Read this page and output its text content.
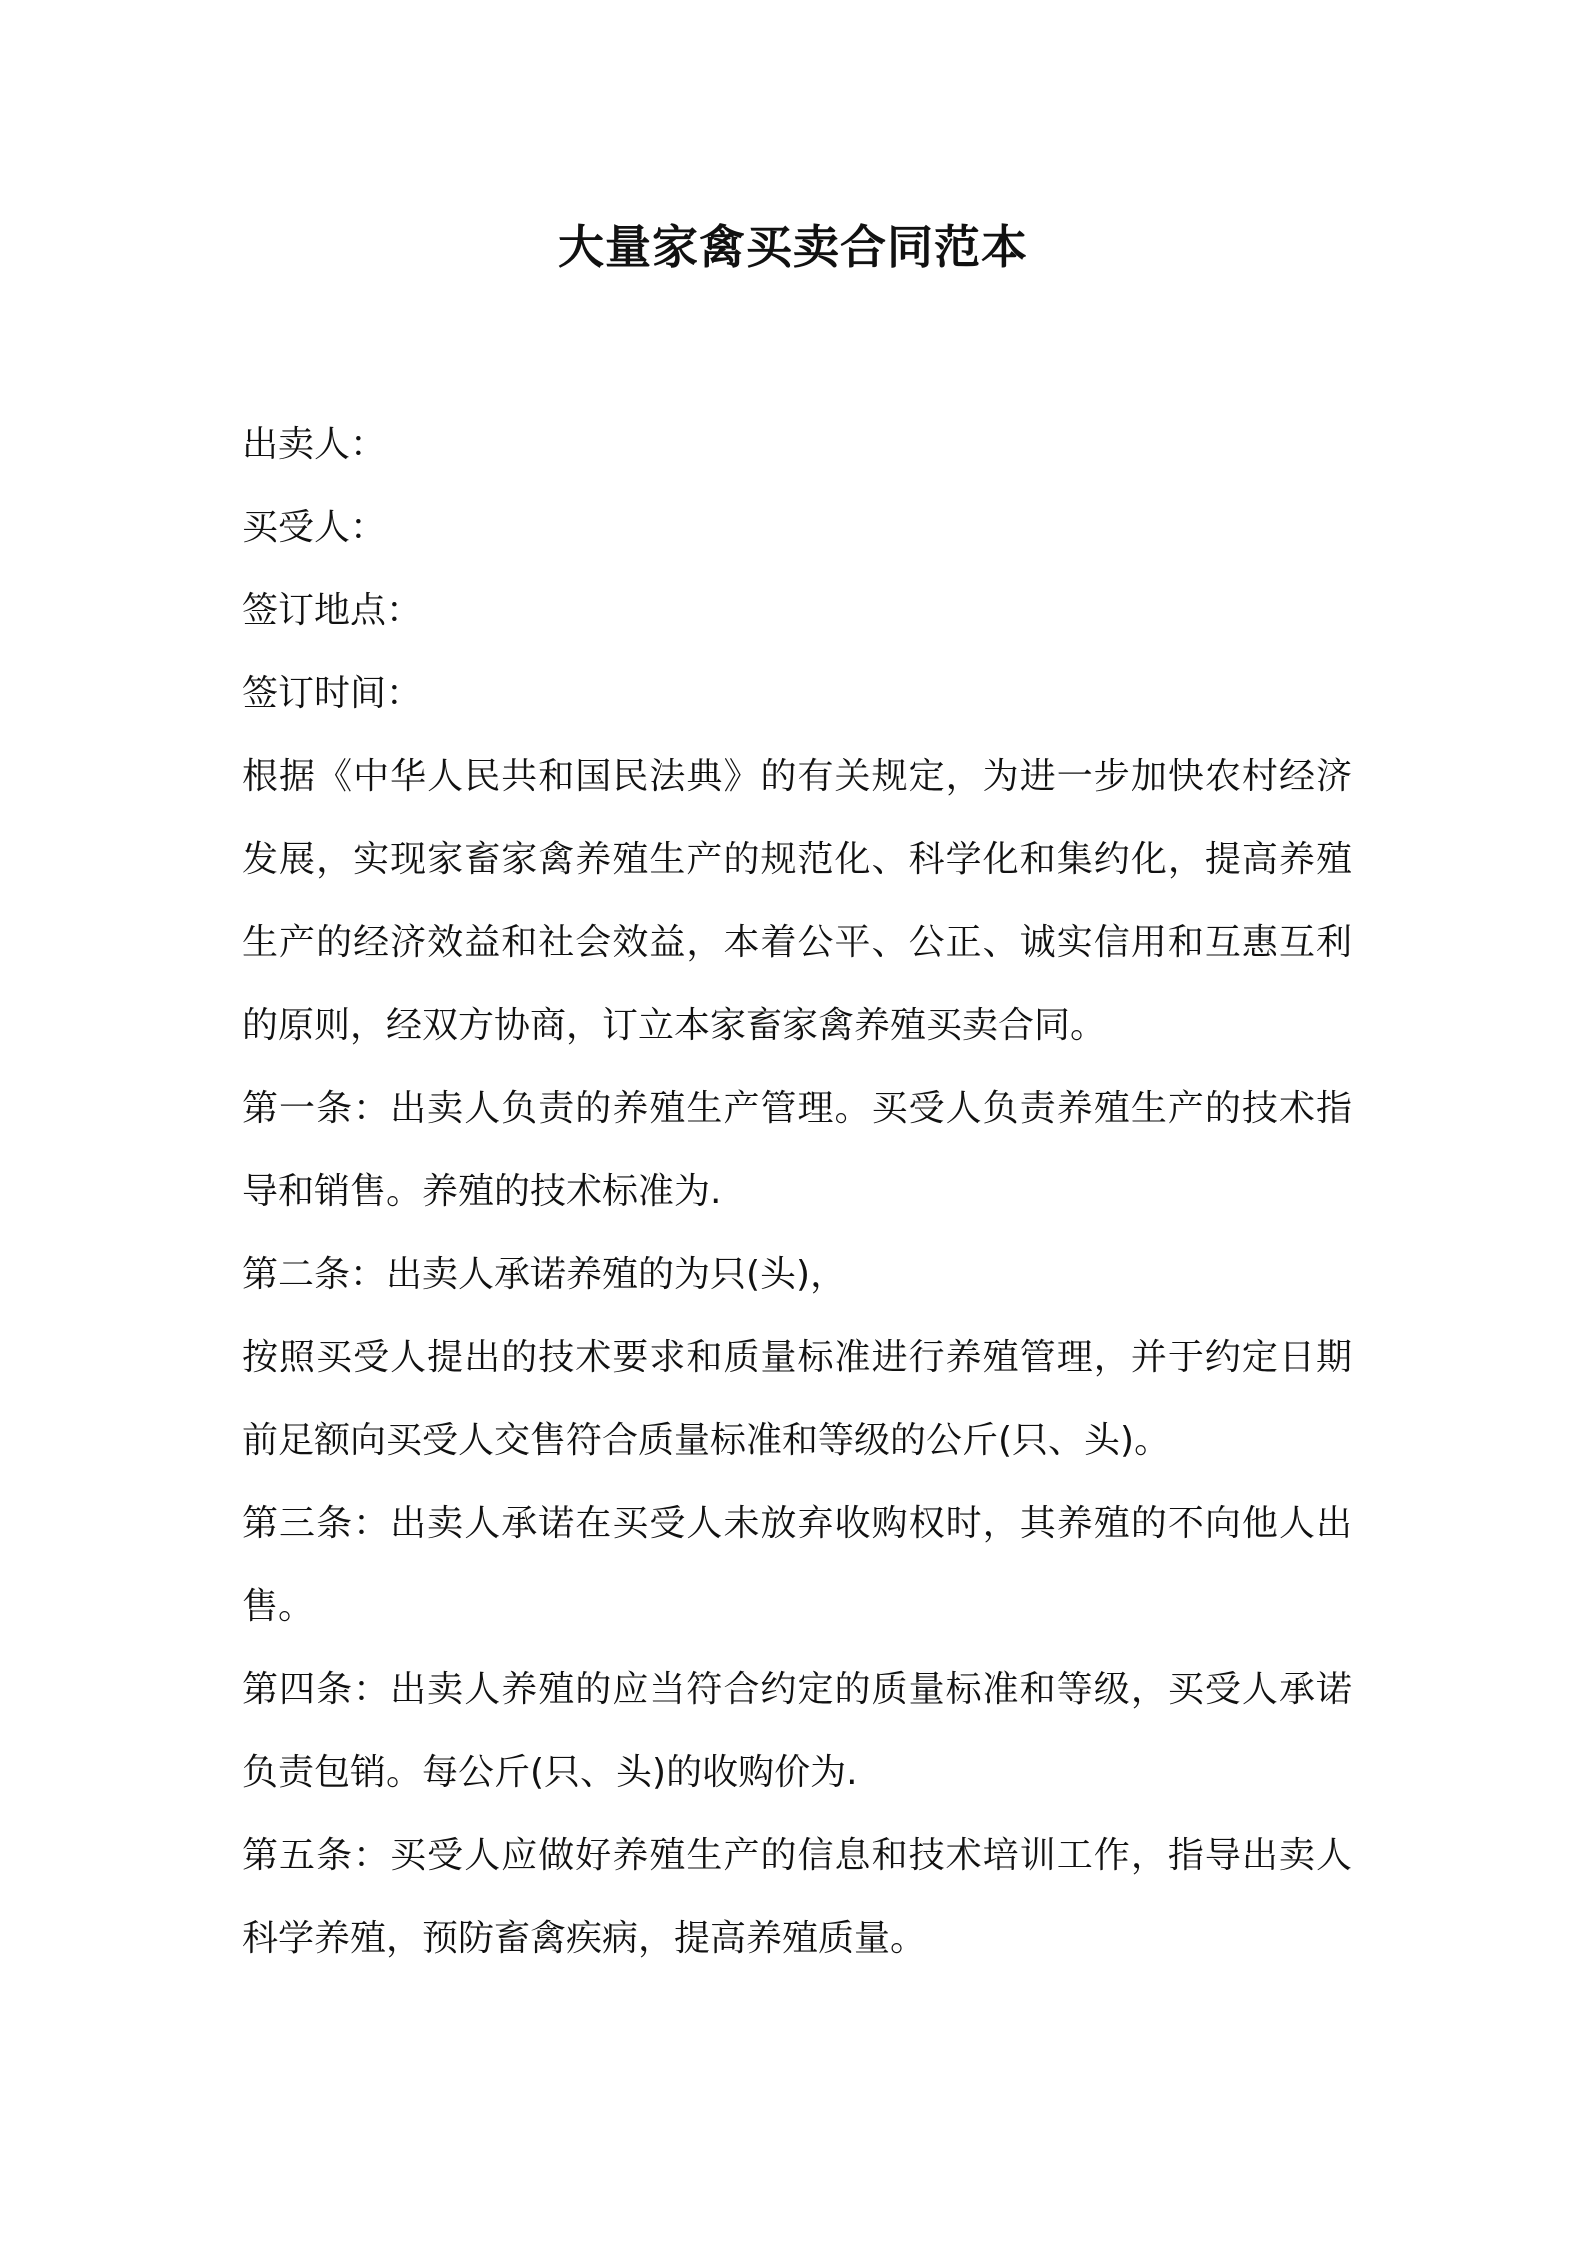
大量家禽买卖合同范本

出卖人：

买受人：

签订地点：

签订时间：

根据《中华人民共和国民法典》的有关规定，为进一步加快农村经济发展，实现家畜家禽养殖生产的规范化、科学化和集约化，提高养殖生产的经济效益和社会效益，本着公平、公正、诚实信用和互惠互利的原则，经双方协商，订立本家畜家禽养殖买卖合同。

第一条：出卖人负责的养殖生产管理。买受人负责养殖生产的技术指导和销售。养殖的技术标准为.

第二条：出卖人承诺养殖的为只(头)，

按照买受人提出的技术要求和质量标准进行养殖管理，并于约定日期前足额向买受人交售符合质量标准和等级的公斤(只、头)。

第三条：出卖人承诺在买受人未放弃收购权时，其养殖的不向他人出售。

第四条：出卖人养殖的应当符合约定的质量标准和等级，买受人承诺负责包销。每公斤(只、头)的收购价为.

第五条：买受人应做好养殖生产的信息和技术培训工作，指导出卖人科学养殖，预防畜禽疾病，提高养殖质量。
